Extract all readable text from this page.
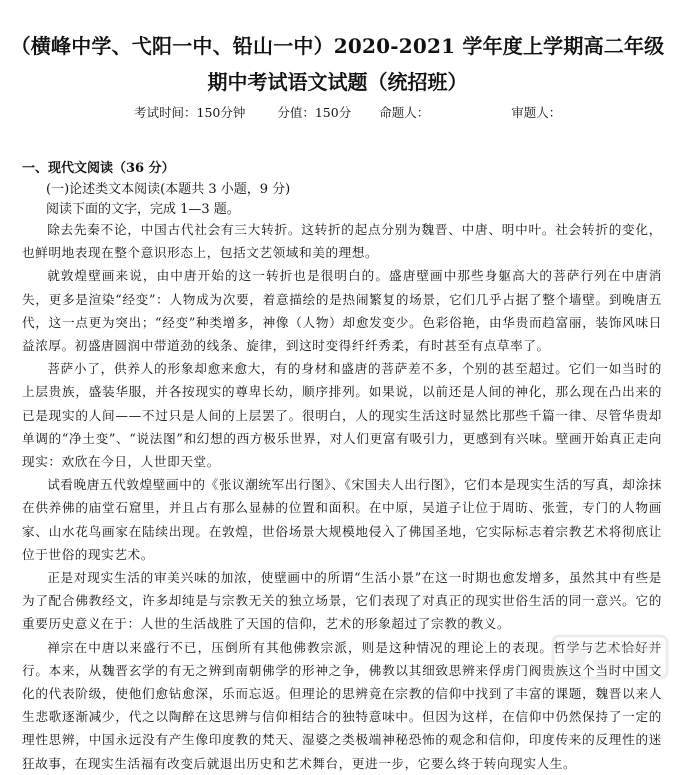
（横峰中学、弋阳一中、铅山一中）2020-2021 学年度上学期高二年级
期中考试语文试题（统招班）
考试时间：150分钟	分值：150分 命题人：	审题人：
一、现代文阅读（36 分）
(一)论述类文本阅读(本题共 3 小题，9 分)
阅读下面的文字，完成 1—3 题。

除去先秦不论，中国古代社会有三大转折。这转折的起点分别为魏晋、中唐、明中叶。社会转折的变化，也鲜明地表现在整个意识形态上，包括文艺领域和美的理想。

就敦煌壁画来说，由中唐开始的这一转折也是很明白的。盛唐壁画中那些身躯高大的菩萨行列在中唐消失，更多是渲染“经变”：人物成为次要，着意描绘的是热闹繁复的场景，它们几乎占据了整个墙壁。到晚唐五代，这一点更为突出；“经变”种类增多，神像（人物）却愈发变少。色彩俗艳，由华贵而趋富丽，装饰风味日益浓厚。初盛唐圆润中带道劲的线条、旋律，到这时变得纤纤秀柔，有时甚至有点草率了。

菩萨小了，供养人的形象却愈来愈大，有的身材和盛唐的菩萨差不多，个别的甚至超过。它们一如当时的上层贵族，盛装华服，并各按现实的尊卑长幼，顺序排列。如果说，以前还是人间的神化，那么现在凸出来的已是现实的人间——不过只是人间的上层罢了。很明白，人的现实生活这时显然比那些千篇一律、尽管华贵却单调的“净土变”、“说法图”和幻想的西方极乐世界，对人们更富有吸引力，更感到有兴味。壁画开始真正走向现实：欢欣在今日，人世即天堂。

试看晚唐五代敦煌壁画中的《张议潮统军出行图》、《宋国夫人出行图》，它们本是现实生活的写真，却涂抹在供养佛的庙堂石窟里，并且占有那么显赫的位置和面积。在中原，吴道子让位于周昉、张萱，专门的人物画家、山水花鸟画家在陆续出现。在敦煌，世俗场景大规模地侵入了佛国圣地，它实际标志着宗教艺术将彻底让位于世俗的现实艺术。

正是对现实生活的审美兴味的加浓，使壁画中的所谓“生活小景”在这一时期也愈发增多，虽然其中有些是为了配合佛教经文，许多却纯是与宗教无关的独立场景，它们表现了对真正的现实世俗生活的同一意兴。它的重要历史意义在于：人世的生活战胜了天国的信仰，艺术的形象超过了宗教的教义。

禅宗在中唐以来盛行不已，压倒所有其他佛教宗派，则是这种情况的理论上的表现。哲学与艺术恰好并行。本来，从魏晋玄学的有无之辨到南朝佛学的形神之争，佛教以其细致思辨来俘虏门阀贵族这个当时中国文化的代表阶级，使他们愈钻愈深，乐而忘返。但理论的思辨竟在宗教的信仰中找到了丰富的课题，魏晋以来人生悲歌逐渐减少，代之以陶醉在这思辨与信仰相结合的独特意味中。但因为这样，在信仰中仍然保持了一定的理性思辨，中国永远没有产生像印度教的梵天、湿婆之类极端神秘恐怖的观念和信仰，印度传来的反理性的迷狂故事，在现实生活福有改变后就退出历史和艺术舞台，更进一步，它要么终于转向现实人生。
